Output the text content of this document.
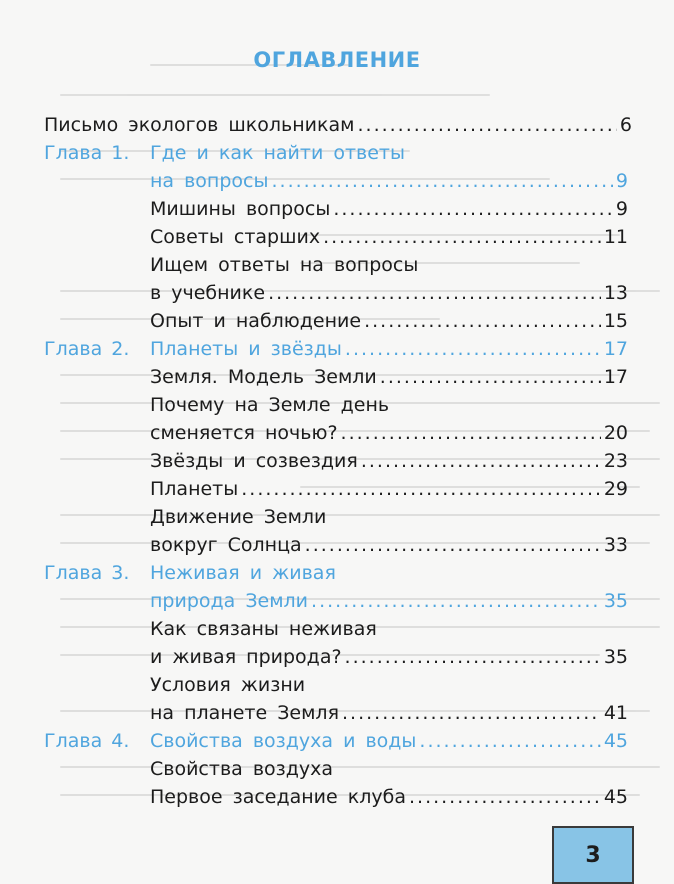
ОГЛАВЛЕНИЕ
Письмо экологов школьникам .....	6
Глава 1. Где и как найти ответы
на вопросы .....	9
Мишины вопросы .....	9
Советы старших .....	11
Ищем ответы на вопросы
в учебнике .....	13
Опыт и наблюдение .....	15
Глава 2. Планеты и звёзды .....	17
Земля. Модель Земли .....	17
Почему на Земле день
сменяется ночью? .....	20
Звёзды и созвездия .....	23
Планеты .....	29
Движение Земли
вокруг Солнца .....	33
Глава 3. Неживая и живая
природа Земли .....	35
Как связаны неживая
и живая природа? .....	35
Условия жизни
на планете Земля .....	41
Глава 4. Свойства воздуха и воды .....	45
Свойства воздуха
Первое заседание клуба .....	45
3
